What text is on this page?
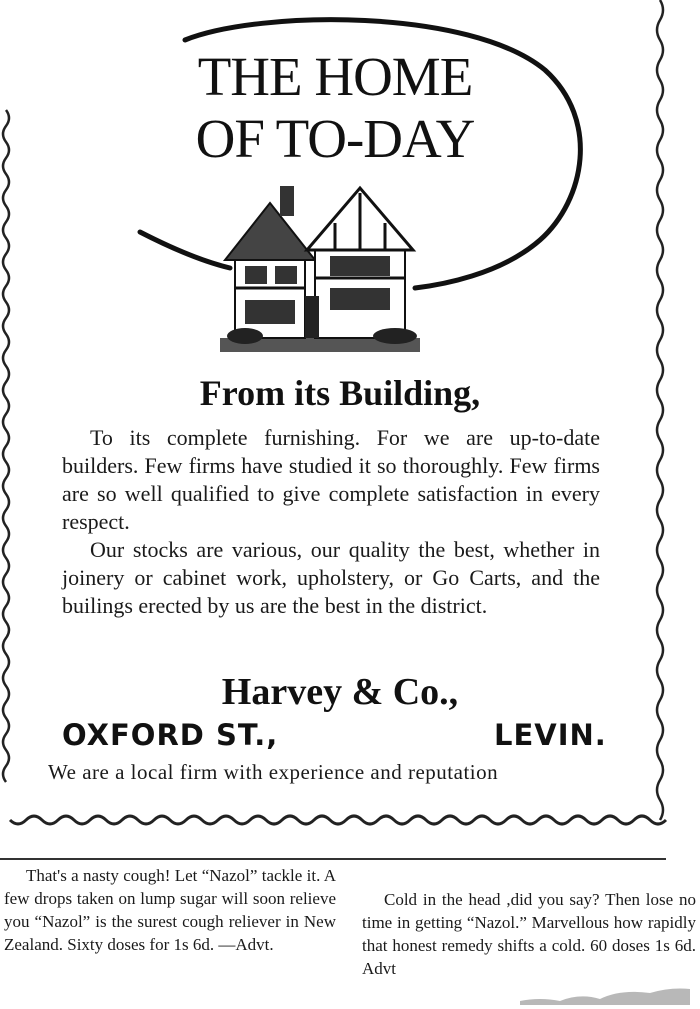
THE HOME
OF TO-DAY
From its Building,

To its complete furnishing. For we are up-to-date builders. Few firms have studied it so thoroughly. Few firms are so well qualified to give complete satisfaction in every respect.

Our stocks are various, our quality the best, whether in joinery or cabinet work, upholstery, or Go Carts, and the builings erected by us are the best in the district.

Harvey & Co.,
OXFORD ST.,	LEVIN.
We are a local firm with experience and reputation

That's a nasty cough! Let “Nazol” tackle it. A few drops taken on lump sugar will soon relieve you “Nazol” is the surest cough reliever in New Zealand. Sixty doses for 1s 6d. —Advt.

Cold in the head ,did you say? Then lose no time in getting “Nazol.” Marvellous how rapidly that honest remedy shifts a cold. 60 doses 1s 6d. Advt
